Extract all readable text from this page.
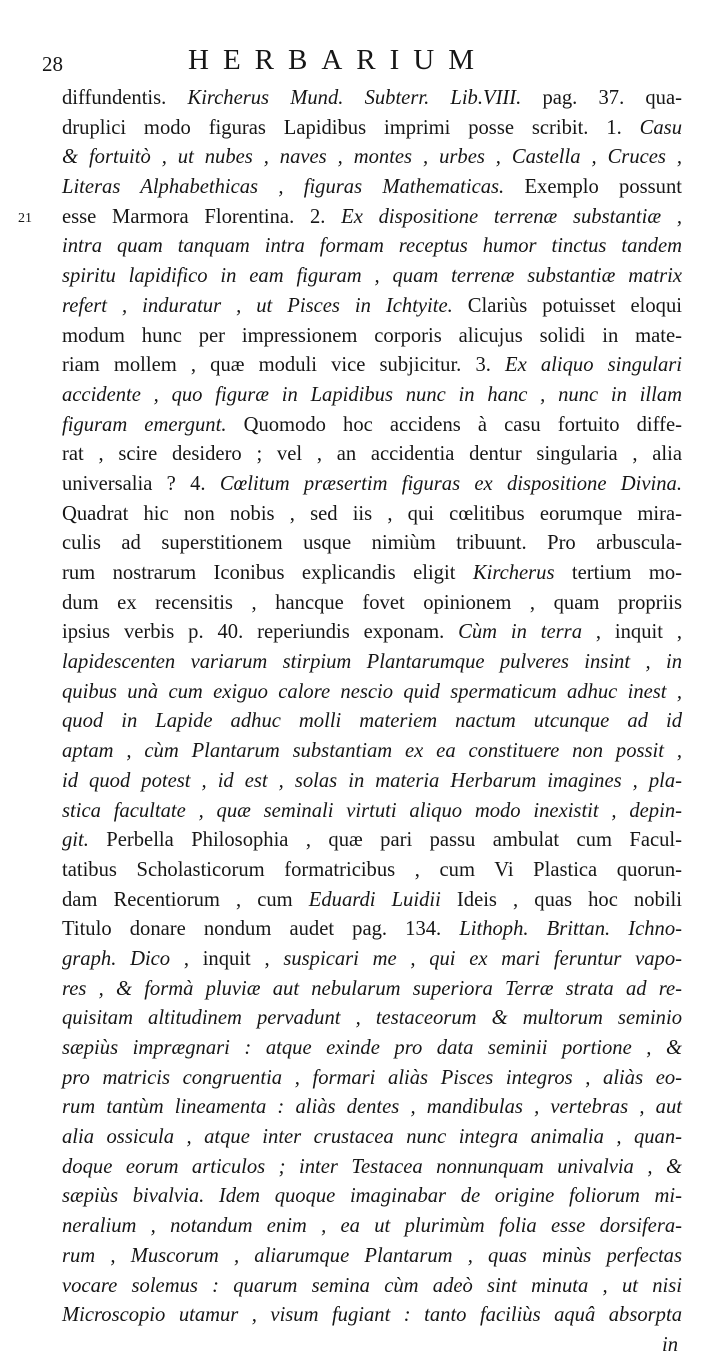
28	HERBARIUM
diffundentis. Kircherus Mund. Subterr. Lib.VIII. pag. 37. qua-
druplici modo figuras Lapidibus imprimi posse scribit. 1. Casu
& fortuitò , ut nubes , naves , montes , urbes , Castella , Cruces ,
Literas Alphabethicas , figuras Mathematicas. Exemplo possunt
21 esse Marmora Florentina. 2. Ex dispositione terrenæ substantiæ ,
intra quam tanquam intra formam receptus humor tinctus tandem
spiritu lapidifico in eam figuram , quam terrenæ substantiæ matrix
refert , induratur , ut Pisces in Ichtyite. Clariùs potuisset eloqui
modum hunc per impressionem corporis alicujus solidi in mate-
riam mollem , quæ moduli vice subjicitur. 3. Ex aliquo singulari
accidente , quo figuræ in Lapidibus nunc in hanc , nunc in illam
figuram emergunt. Quomodo hoc accidens à casu fortuito diffe-
rat , scire desidero ; vel , an accidentia dentur singularia , alia
universalia ? 4. Cœlitum præsertim figuras ex dispositione Divina.
Quadrat hic non nobis , sed iis , qui cœlitibus eorumque mira-
culis ad superstitionem usque nimiùm tribuunt. Pro arbuscula-
rum nostrarum Iconibus explicandis eligit Kircherus tertium mo-
dum ex recensitis , hancque fovet opinionem , quam propriis
ipsius verbis p. 40. reperiundis exponam. Cùm in terra , inquit ,
lapidescenten variarum stirpium Plantarumque pulveres insint , in
quibus unà cum exiguo calore nescio quid spermaticum adhuc inest ,
quod in Lapide adhuc molli materiem nactum utcunque ad id
aptam , cùm Plantarum substantiam ex ea constituere non possit ,
id quod potest , id est , solas in materia Herbarum imagines , pla-
stica facultate , quæ seminali virtuti aliquo modo inexistit , depin-
git. Perbella Philosophia , quæ pari passu ambulat cum Facul-
tatibus Scholasticorum formatricibus , cum Vi Plastica quorun-
dam Recentiorum , cum Eduardi Luidii Ideis , quas hoc nobili
Titulo donare nondum audet pag. 134. Lithoph. Brittan. Ichno-
graph. Dico , inquit , suspicari me , qui ex mari feruntur vapo-
res , & formà pluviæ aut nebularum superiora Terræ strata ad re-
quisitam altitudinem pervadunt , testaceorum & multorum seminio
sæpiùs imprægnari : atque exinde pro data seminii portione , &
pro matricis congruentia , formari aliàs Pisces integros , aliàs eo-
rum tantùm lineamenta : aliàs dentes , mandibulas , vertebras , aut
alia ossicula , atque inter crustacea nunc integra animalia , quan-
doque eorum articulos ; inter Testacea nonnunquam univalvia , &
sæpiùs bivalvia. Idem quoque imaginabar de origine foliorum mi-
neralium , notandum enim , ea ut plurimùm folia esse dorsifera-
rum , Muscorum , aliarumque Plantarum , quas minùs perfectas
vocare solemus : quarum semina cùm adeò sint minuta , ut nisi
Microscopio utamur , visum fugiant : tanto faciliùs aquâ absorpta
in
